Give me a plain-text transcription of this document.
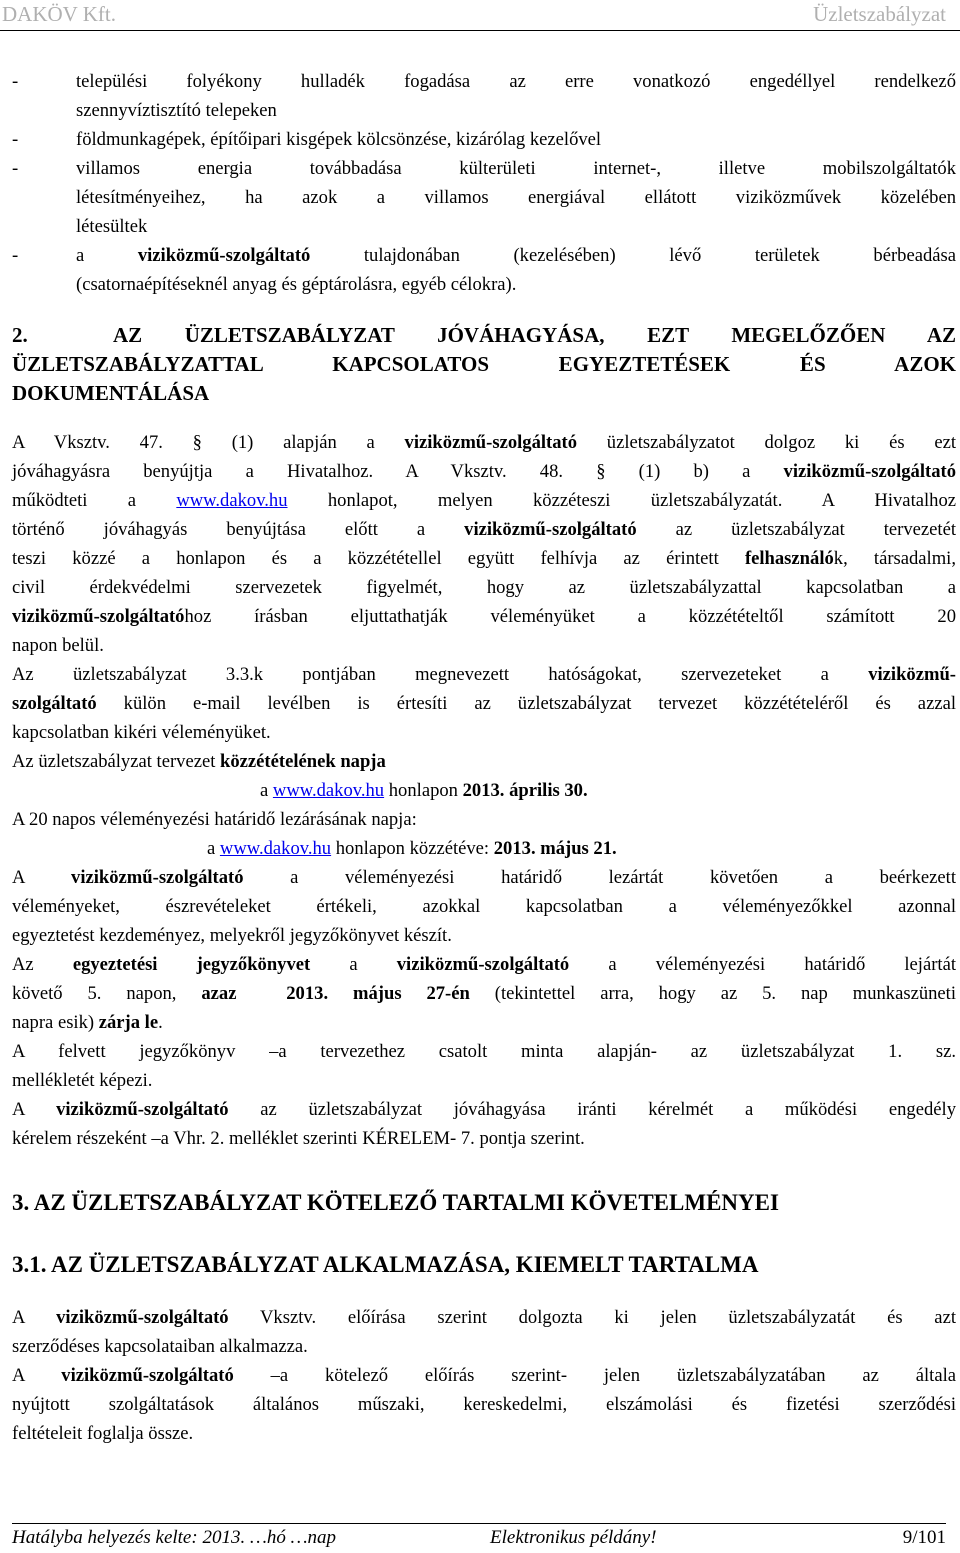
DAKÖV Kft.	Üzletszabályzat
-	települési folyékony hulladék fogadása az erre vonatkozó engedéllyel rendelkező
szennyvíztisztító telepeken
-	földmunkagépek, építőipari kisgépek kölcsönzése, kizárólag kezelővel
-	villamos energia továbbadása külterületi internet-, illetve mobilszolgáltatók
létesítményeihez, ha azok a villamos energiával ellátott viziközművek közelében
létesültek
-	a viziközmű-szolgáltató tulajdonában (kezelésében) lévő területek bérbeadása
(csatornaépítéseknél anyag és géptárolásra, egyéb célokra).
2.	AZ ÜZLETSZABÁLYZAT JÓVÁHAGYÁSA, EZT MEGELŐZŐEN AZ
ÜZLETSZABÁLYZATTAL KAPCSOLATOS EGYEZTETÉSEK ÉS AZOK
DOKUMENTÁLÁSA
A Vksztv. 47. § (1) alapján a viziközmű-szolgáltató üzletszabályzatot dolgoz ki és ezt
jóváhagyásra benyújtja a Hivatalhoz. A Vksztv. 48. § (1) b) a viziközmű-szolgáltató
működteti a www.dakov.hu honlapot, melyen közzéteszi üzletszabályzatát. A Hivatalhoz
történő jóváhagyás benyújtása előtt a viziközmű-szolgáltató az üzletszabályzat tervezetét
teszi közzé a honlapon és a közzététellel együtt felhívja az érintett felhasználók, társadalmi,
civil érdekvédelmi szervezetek figyelmét, hogy az üzletszabályzattal kapcsolatban a
viziközmű-szolgáltatóhoz írásban eljuttathatják véleményüket a közzétételtől számított 20
napon belül.
Az üzletszabályzat 3.3.k pontjában megnevezett hatóságokat, szervezeteket a viziközmű-
szolgáltató külön e-mail levélben is értesíti az üzletszabályzat tervezet közzétételéről és azzal
kapcsolatban kikéri véleményüket.
Az üzletszabályzat tervezet közzétételének napja
a www.dakov.hu honlapon 2013. április 30.
A 20 napos véleményezési határidő lezárásának napja:
a www.dakov.hu honlapon közzétéve: 2013. május 21.
A viziközmű-szolgáltató a véleményezési határidő lezártát követően a beérkezett
véleményeket, észrevételeket értékeli, azokkal kapcsolatban a véleményezőkkel azonnal
egyeztetést kezdeményez, melyekről jegyzőkönyvet készít.
Az egyeztetési jegyzőkönyvet a viziközmű-szolgáltató a véleményezési határidő lejártát
követő 5. napon, azaz  2013. május 27-én (tekintettel arra, hogy az 5. nap munkaszüneti
napra esik) zárja le.
A felvett jegyzőkönyv –a tervezethez csatolt minta alapján- az üzletszabályzat 1. sz.
mellékletét képezi.
A viziközmű-szolgáltató az üzletszabályzat jóváhagyása iránti kérelmét a működési engedély
kérelem részeként –a Vhr. 2. melléklet szerinti KÉRELEM- 7. pontja szerint.
3. AZ ÜZLETSZABÁLYZAT KÖTELEZŐ TARTALMI KÖVETELMÉNYEI
3.1. AZ ÜZLETSZABÁLYZAT ALKALMAZÁSA, KIEMELT TARTALMA
A viziközmű-szolgáltató Vksztv. előírása szerint dolgozta ki jelen üzletszabályzatát és azt
szerződéses kapcsolataiban alkalmazza.
A viziközmű-szolgáltató –a kötelező előírás szerint- jelen üzletszabályzatában az általa
nyújtott szolgáltatások általános műszaki, kereskedelmi, elszámolási és fizetési szerződési
feltételeit foglalja össze.
Hatályba helyezés kelte: 2013. …hó …nap	Elektronikus példány!	9/101
